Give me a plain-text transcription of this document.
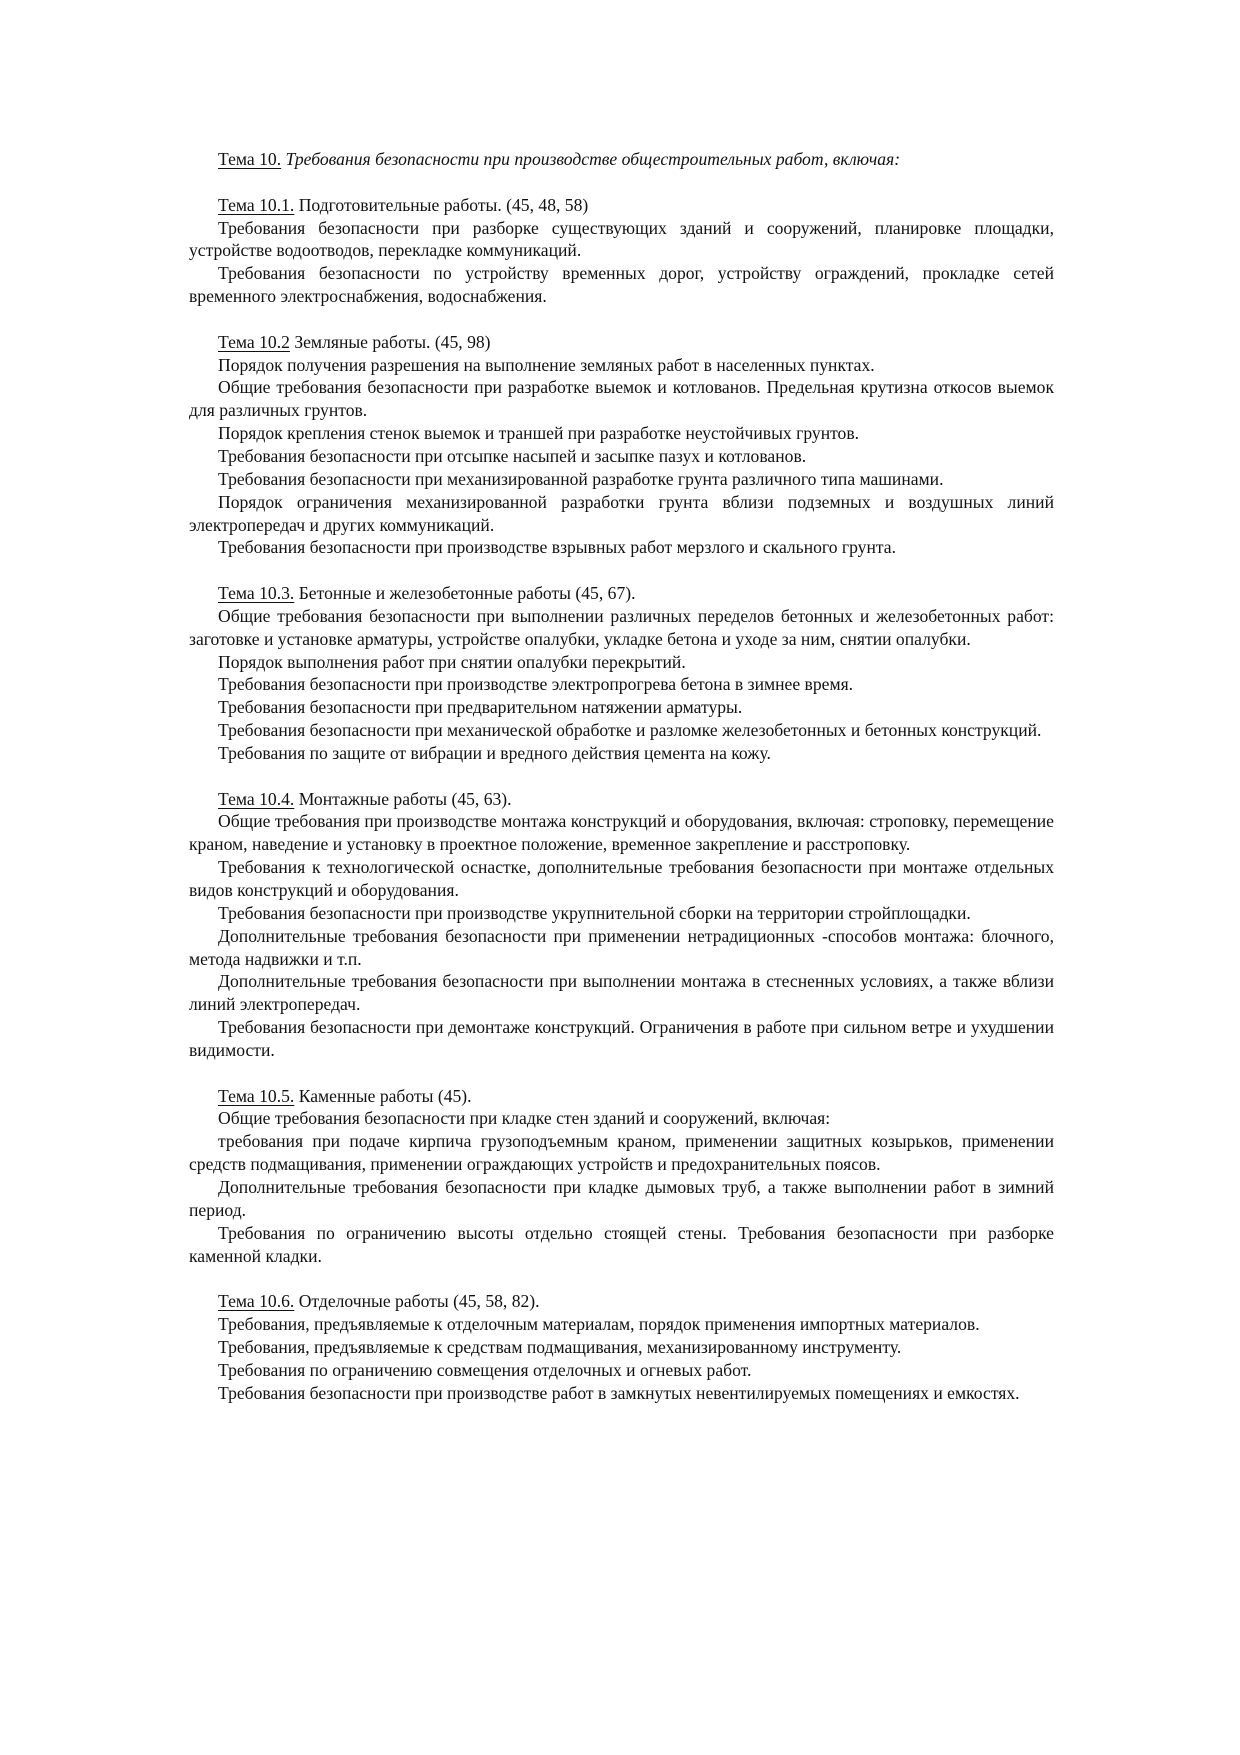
Тема 10. Требования безопасности при производстве общестроительных работ, включая:

Тема 10.1. Подготовительные работы. (45, 48, 58)

Требования безопасности при разборке существующих зданий и сооружений, планировке площадки, устройстве водоотводов, перекладке коммуникаций.

Требования безопасности по устройству временных дорог, устройству ограждений, прокладке сетей временного электроснабжения, водоснабжения.

Тема 10.2 Земляные работы. (45, 98)

Порядок получения разрешения на выполнение земляных работ в населенных пунктах.

Общие требования безопасности при разработке выемок и котлованов. Предельная крутизна откосов выемок для различных грунтов.

Порядок крепления стенок выемок и траншей при разработке неустойчивых грунтов.

Требования безопасности при отсыпке насыпей и засыпке пазух и котлованов.

Требования безопасности при механизированной разработке грунта различного типа машинами.

Порядок ограничения механизированной разработки грунта вблизи подземных и воздушных линий электропередач и других коммуникаций.

Требования безопасности при производстве взрывных работ мерзлого и скального грунта.

Тема 10.3. Бетонные и железобетонные работы (45, 67).

Общие требования безопасности при выполнении различных переделов бетонных и железобетонных работ: заготовке и установке арматуры, устройстве опалубки, укладке бетона и уходе за ним, снятии опалубки.

Порядок выполнения работ при снятии опалубки перекрытий.

Требования безопасности при производстве электропрогрева бетона в зимнее время.

Требования безопасности при предварительном натяжении арматуры.

Требования безопасности при механической обработке и разломке железобетонных и бетонных конструкций.

Требования по защите от вибрации и вредного действия цемента на кожу.

Тема 10.4. Монтажные работы (45, 63).

Общие требования при производстве монтажа конструкций и оборудования, включая: строповку, перемещение краном, наведение и установку в проектное положение, временное закрепление и расстроповку.

Требования к технологической оснастке, дополнительные требования безопасности при монтаже отдельных видов конструкций и оборудования.

Требования безопасности при производстве укрупнительной сборки на территории стройплощадки.

Дополнительные требования безопасности при применении нетрадиционных -способов монтажа: блочного, метода надвижки и т.п.

Дополнительные требования безопасности при выполнении монтажа в стесненных условиях, а также вблизи линий электропередач.

Требования безопасности при демонтаже конструкций. Ограничения в работе при сильном ветре и ухудшении видимости.

Тема 10.5. Каменные работы (45).

Общие требования безопасности при кладке стен зданий и сооружений, включая:

требования при подаче кирпича грузоподъемным краном, применении защитных козырьков, применении средств подмащивания, применении ограждающих устройств и предохранительных поясов.

Дополнительные требования безопасности при кладке дымовых труб, а также выполнении работ в зимний период.

Требования по ограничению высоты отдельно стоящей стены. Требования безопасности при разборке каменной кладки.

Тема 10.6. Отделочные работы (45, 58, 82).

Требования, предъявляемые к отделочным материалам, порядок применения импортных материалов.

Требования, предъявляемые к средствам подмащивания, механизированному инструменту.

Требования по ограничению совмещения отделочных и огневых работ.

Требования безопасности при производстве работ в замкнутых невентилируемых помещениях и емкостях.
